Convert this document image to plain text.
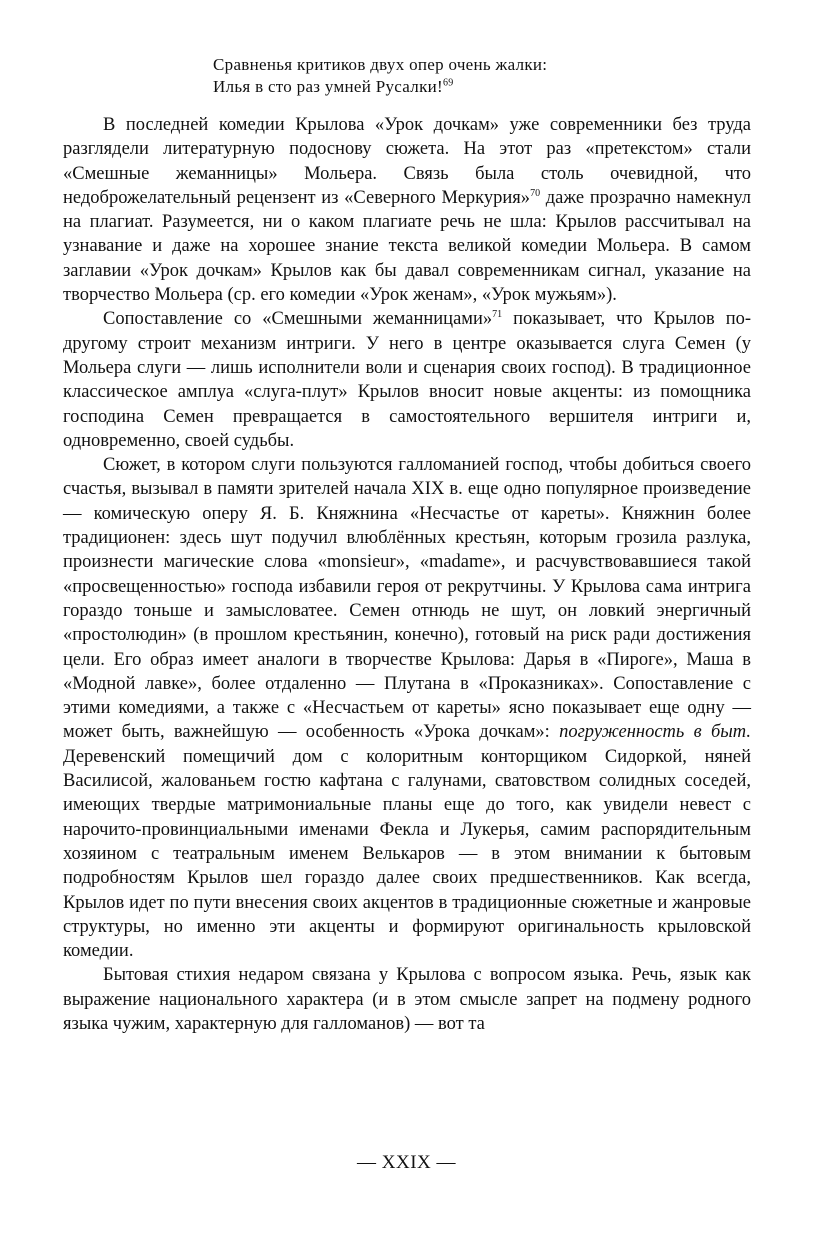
Сравненья критиков двух опер очень жалки:
Илья в сто раз умней Русалки!$^{69}$

В последней комедии Крылова «Урок дочкам» уже современники без труда разглядели литературную подоснову сюжета. На этот раз «претекстом» стали «Смешные жеманницы» Мольера. Связь была столь очевидной, что недоброжелательный рецензент из «Северного Меркурия»$^{70}$ даже прозрачно намекнул на плагиат. Разумеется, ни о каком плагиате речь не шла: Крылов рассчитывал на узнавание и даже на хорошее знание текста великой комедии Мольера. В самом заглавии «Урок дочкам» Крылов как бы давал современникам сигнал, указание на творчество Мольера (ср. его комедии «Урок женам», «Урок мужьям»).

Сопоставление со «Смешными жеманницами»$^{71}$ показывает, что Крылов по-другому строит механизм интриги. У него в центре оказывается слуга Семен (у Мольера слуги — лишь исполнители воли и сценария своих господ). В традиционное классическое амплуа «слуга-плут» Крылов вносит новые акценты: из помощника господина Семен превращается в самостоятельного вершителя интриги и, одновременно, своей судьбы.

Сюжет, в котором слуги пользуются галломанией господ, чтобы добиться своего счастья, вызывал в памяти зрителей начала XIX в. еще одно популярное произведение — комическую оперу Я. Б. Княжнина «Несчастье от кареты». Княжнин более традиционен: здесь шут подучил влюблённых крестьян, которым грозила разлука, произнести магические слова «monsieur», «madame», и расчувствовавшиеся такой «просвещенностью» господа избавили героя от рекрутчины. У Крылова сама интрига гораздо тоньше и замысловатее. Семен отнюдь не шут, он ловкий энергичный «простолюдин» (в прошлом крестьянин, конечно), готовый на риск ради достижения цели. Его образ имеет аналоги в творчестве Крылова: Дарья в «Пироге», Маша в «Модной лавке», более отдаленно — Плутана в «Проказниках». Сопоставление с этими комедиями, а также с «Несчастьем от кареты» ясно показывает еще одну — может быть, важнейшую — особенность «Урока дочкам»: погруженность в быт. Деревенский помещичий дом с колоритным конторщиком Сидоркой, няней Василисой, жалованьем гостю кафтана с галунами, сватовством солидных соседей, имеющих твердые матримониальные планы еще до того, как увидели невест с нарочито-провинциальными именами Фекла и Лукерья, самим распорядительным хозяином с театральным именем Велькаров — в этом внимании к бытовым подробностям Крылов шел гораздо далее своих предшественников. Как всегда, Крылов идет по пути внесения своих акцентов в традиционные сюжетные и жанровые структуры, но именно эти акценты и формируют оригинальность крыловской комедии.

Бытовая стихия недаром связана у Крылова с вопросом языка. Речь, язык как выражение национального характера (и в этом смысле запрет на подмену родного языка чужим, характерную для галломанов) — вот та

— XXIX —
